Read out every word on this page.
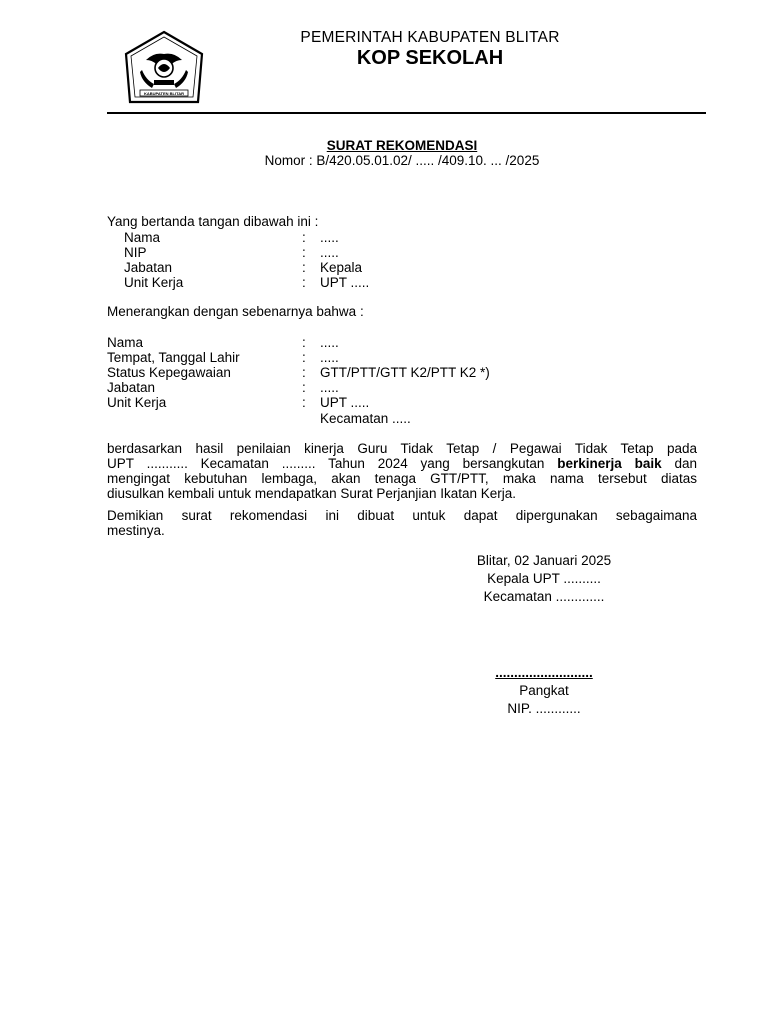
KABUPATEN BLITAR
PEMERINTAH KABUPATEN BLITAR
KOP SEKOLAH
SURAT REKOMENDASI
Nomor : B/420.05.01.02/ ..... /409.10. ... /2025
Yang bertanda tangan dibawah ini :
Nama	: .....
NIP	: .....
Jabatan	: Kepala
Unit Kerja	: UPT .....
Menerangkan dengan sebenarnya bahwa :
Nama	: .....
Tempat, Tanggal Lahir	: .....
Status Kepegawaian	: GTT/PTT/GTT K2/PTT K2 *)
Jabatan	: .....
Unit Kerja	: UPT .....
Kecamatan .....
berdasarkan hasil penilaian kinerja Guru Tidak Tetap / Pegawai Tidak Tetap pada
UPT ........... Kecamatan ......... Tahun 2024 yang bersangkutan berkinerja baik dan
mengingat kebutuhan lembaga, akan tenaga GTT/PTT, maka nama tersebut diatas
diusulkan kembali untuk mendapatkan Surat Perjanjian Ikatan Kerja.
Demikian surat rekomendasi ini dibuat untuk dapat dipergunakan sebagaimana
mestinya.
Blitar, 02 Januari 2025
Kepala UPT ..........
Kecamatan .............
..........................
Pangkat
NIP. ............
